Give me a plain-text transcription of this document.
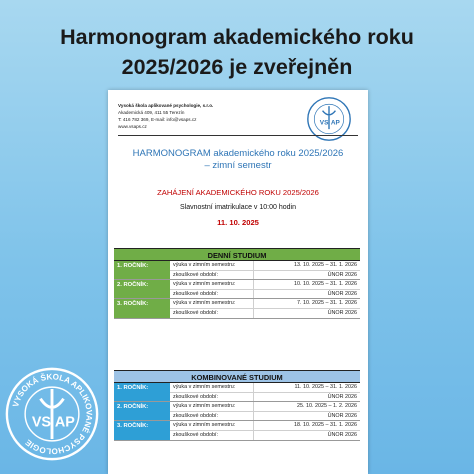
Harmonogram akademického roku
2025/2026 je zveřejněn
Vysoká škola aplikované psychologie, s.r.o.
Akademická 409, 411 55 Terezín
T: 416 782 369, E-mail: info@vsaps.cz
www.vsaps.cz	VS AP
HARMONOGRAM akademického roku 2025/2026
– zimní semestr
ZAHÁJENÍ AKADEMICKÉHO ROKU 2025/2026
Slavnostní imatrikulace v 10:00 hodin
11. 10. 2025
DENNÍ STUDIUM
1. ROČNÍK:	výuka v zimním semestru:	13. 10. 2025 – 31. 1. 2026
zkouškové období:	ÚNOR 2026
2. ROČNÍK:	výuka v zimním semestru:	10. 10. 2025 – 31. 1. 2026
zkouškové období:	ÚNOR 2026
3. ROČNÍK:	výuka v zimním semestru:	7. 10. 2025 – 31. 1. 2026
zkouškové období:	ÚNOR 2026
KOMBINOVANÉ STUDIUM
1. ROČNÍK:	výuka v zimním semestru:	11. 10. 2025 – 31. 1. 2026
zkouškové období:	ÚNOR 2026
2. ROČNÍK:	výuka v zimním semestru:	25. 10. 2025 – 1. 2. 2026
zkouškové období:	ÚNOR 2026
3. ROČNÍK:	výuka v zimním semestru:	18. 10. 2025 – 31. 1. 2026
zkouškové období:	ÚNOR 2026
VYSOKÁ ŠKOLA APLIKOVANÉ PSYCHOLOGIE
VS AP
